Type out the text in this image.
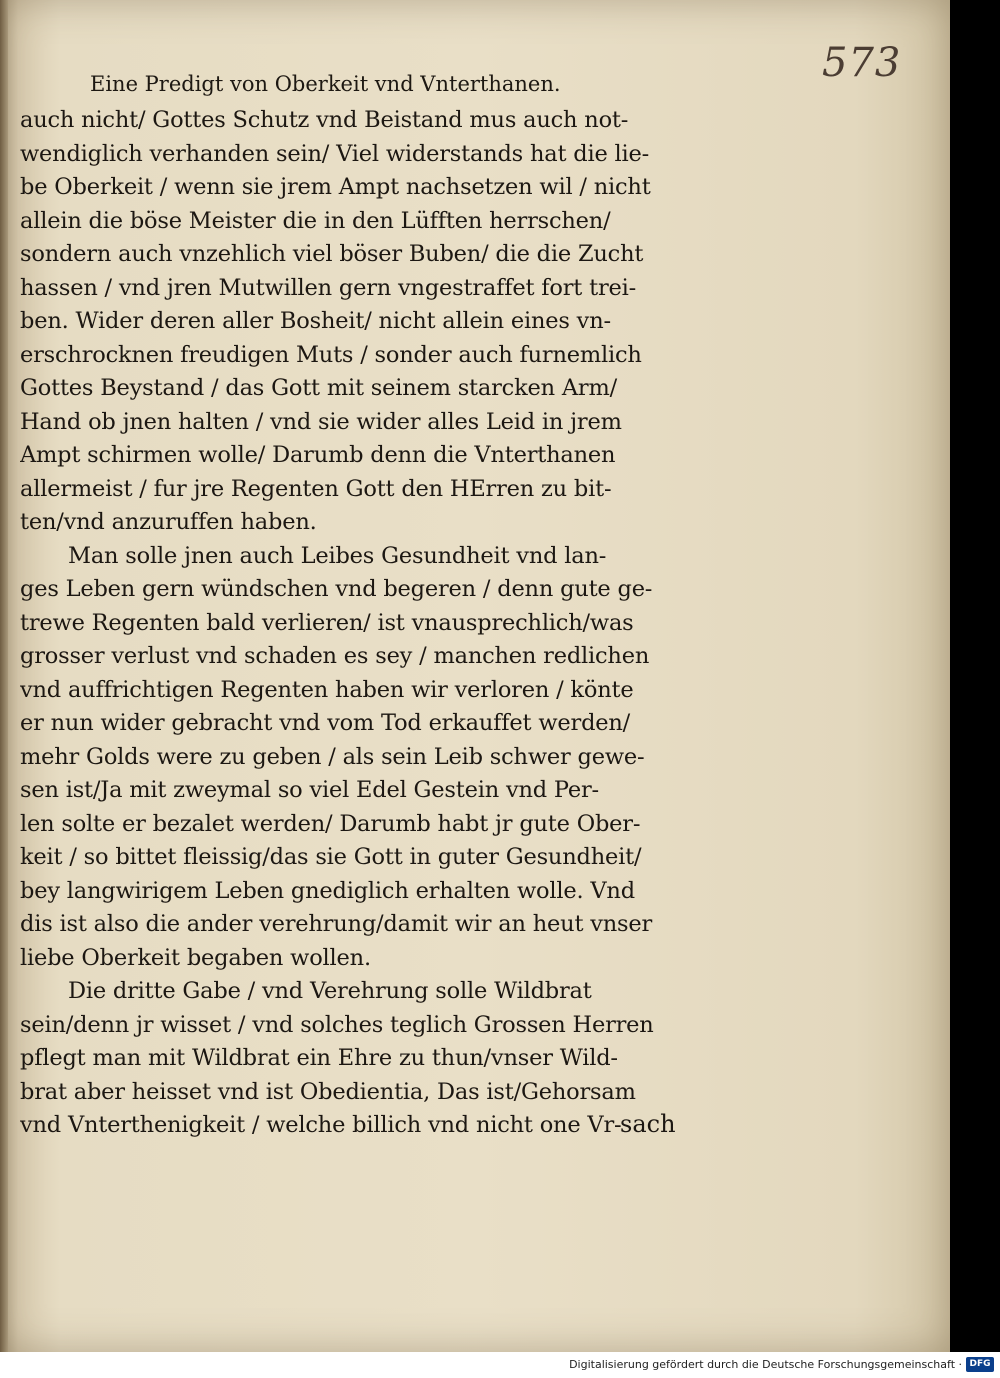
573
Eine Predigt von Oberkeit vnd Vnterthanen.
auch nicht/ Gottes Schutz vnd Beistand mus auch not-
wendiglich verhanden sein/ Viel widerstands hat die lie-
be Oberkeit / wenn sie jrem Ampt nachsetzen wil / nicht
allein die böse Meister die in den Lüfften herrschen/
sondern auch vnzehlich viel böser Buben/ die die Zucht
hassen / vnd jren Mutwillen gern vngestraffet fort trei-
ben. Wider deren aller Bosheit/ nicht allein eines vn-
erschrocknen freudigen Muts / sonder auch furnemlich
Gottes Beystand / das Gott mit seinem starcken Arm/
Hand ob jnen halten / vnd sie wider alles Leid in jrem
Ampt schirmen wolle/ Darumb denn die Vnterthanen
allermeist / fur jre Regenten Gott den HErren zu bit-
ten/vnd anzuruffen haben.
Man solle jnen auch Leibes Gesundheit vnd lan-
ges Leben gern wündschen vnd begeren / denn gute ge-
trewe Regenten bald verlieren/ ist vnausprechlich/was
grosser verlust vnd schaden es sey / manchen redlichen
vnd auffrichtigen Regenten haben wir verloren / könte
er nun wider gebracht vnd vom Tod erkauffet werden/
mehr Golds were zu geben / als sein Leib schwer gewe-
sen ist/Ja mit zweymal so viel Edel Gestein vnd Per-
len solte er bezalet werden/ Darumb habt jr gute Ober-
keit / so bittet fleissig/das sie Gott in guter Gesundheit/
bey langwirigem Leben gnediglich erhalten wolle. Vnd
dis ist also die ander verehrung/damit wir an heut vnser
liebe Oberkeit begaben wollen.
Die dritte Gabe / vnd Verehrung solle Wildbrat
sein/denn jr wisset / vnd solches teglich Grossen Herren
pflegt man mit Wildbrat ein Ehre zu thun/vnser Wild-
brat aber heisset vnd ist Obedientia, Das ist/Gehorsam
vnd Vnterthenigkeit / welche billich vnd nicht one Vr-
sach
Digitalisierung gefördert durch die Deutsche Forschungsgemeinschaft · DFG
